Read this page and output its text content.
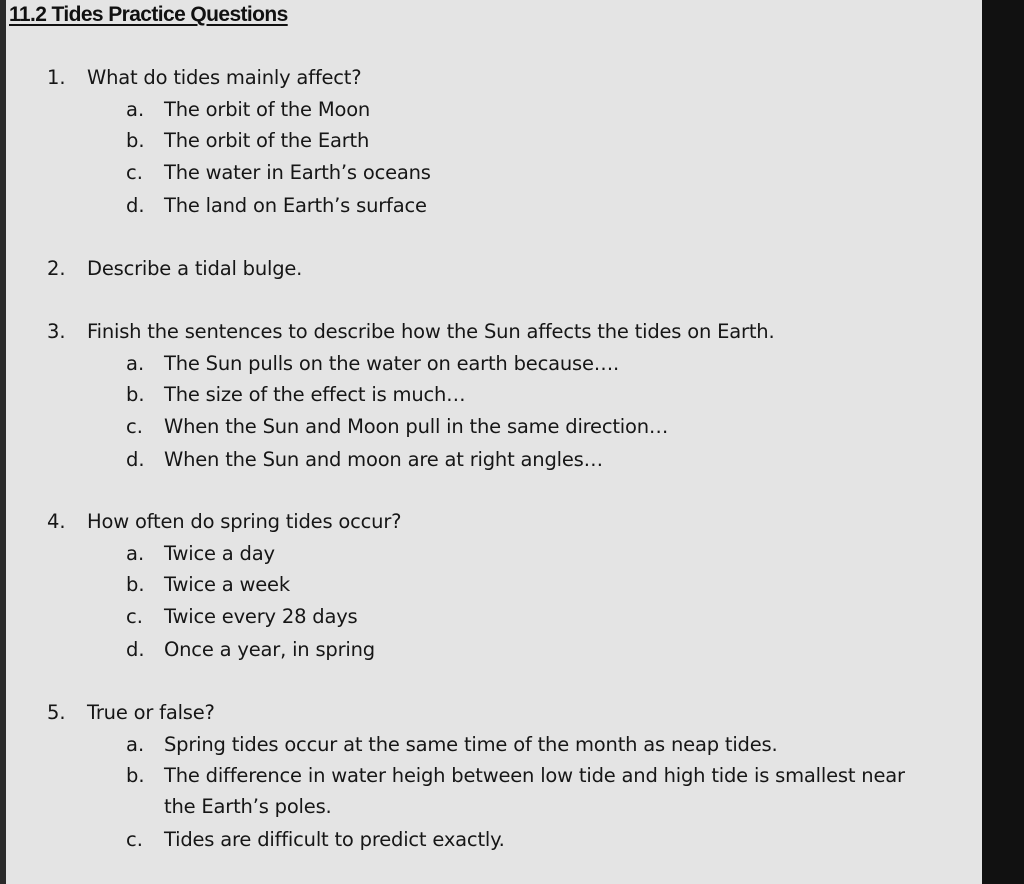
11.2 Tides Practice Questions
1. What do tides mainly affect?
a. The orbit of the Moon
b. The orbit of the Earth
c. The water in Earth’s oceans
d. The land on Earth’s surface
2. Describe a tidal bulge.
3. Finish the sentences to describe how the Sun affects the tides on Earth.
a. The Sun pulls on the water on earth because….
b. The size of the effect is much…
c. When the Sun and Moon pull in the same direction…
d. When the Sun and moon are at right angles…
4. How often do spring tides occur?
a. Twice a day
b. Twice a week
c. Twice every 28 days
d. Once a year, in spring
5. True or false?
a. Spring tides occur at the same time of the month as neap tides.
b. The difference in water heigh between low tide and high tide is smallest near
the Earth’s poles.
c. Tides are difficult to predict exactly.
